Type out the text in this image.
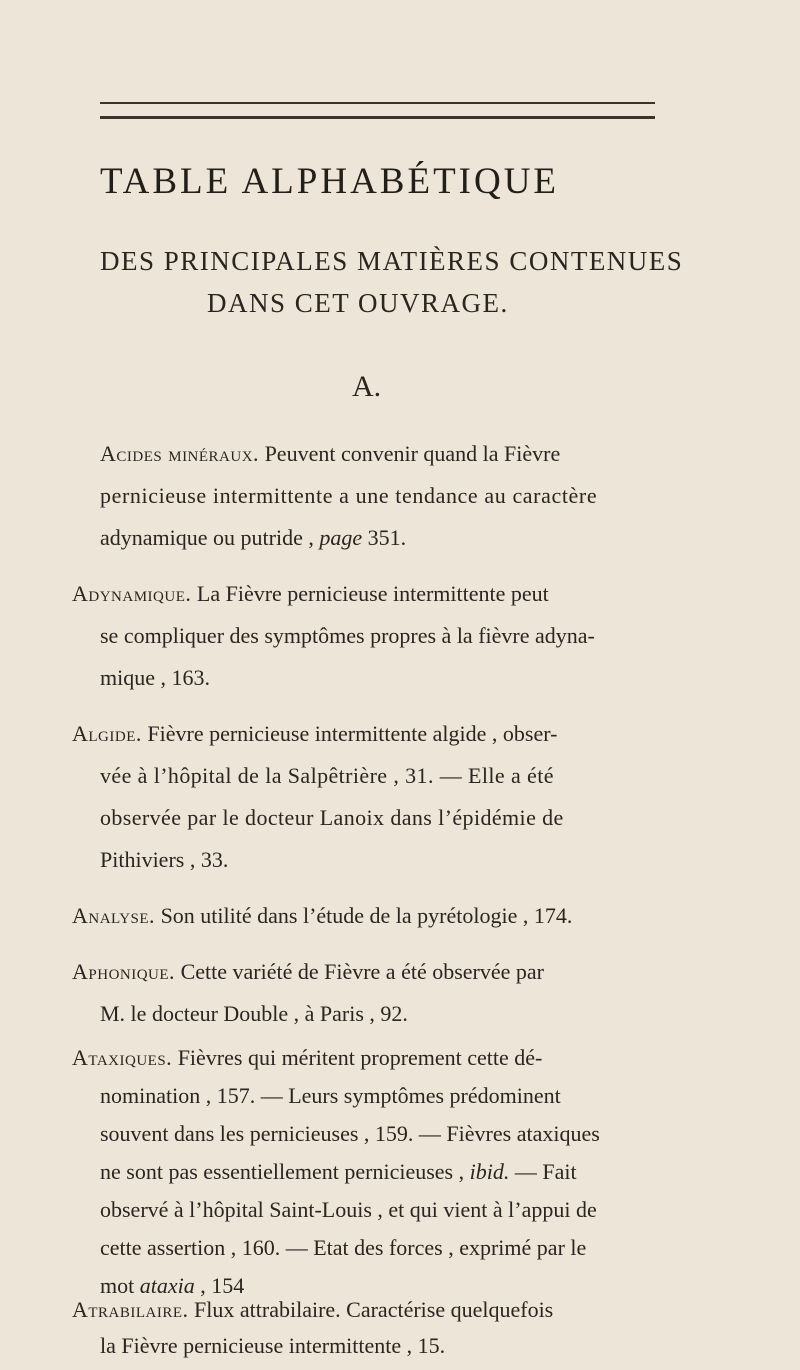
TABLE ALPHABÉTIQUE
DES PRINCIPALES MATIÈRES CONTENUES
DANS CET OUVRAGE.
A.
Acides minéraux. Peuvent convenir quand la Fièvre
pernicieuse intermittente a une tendance au caractère
adynamique ou putride , page 351.
Adynamique. La Fièvre pernicieuse intermittente peut
se compliquer des symptômes propres à la fièvre adyna-
mique , 163.
Algide. Fièvre pernicieuse intermittente algide , obser-
vée à l’hôpital de la Salpêtrière , 31. — Elle a été
observée par le docteur Lanoix dans l’épidémie de
Pithiviers , 33.
Analyse. Son utilité dans l’étude de la pyrétologie , 174.
Aphonique. Cette variété de Fièvre a été observée par
M. le docteur Double , à Paris , 92.
Ataxiques. Fièvres qui méritent proprement cette dé-
nomination , 157. — Leurs symptômes prédominent
souvent dans les pernicieuses , 159. — Fièvres ataxiques
ne sont pas essentiellement pernicieuses , ibid. — Fait
observé à l’hôpital Saint-Louis , et qui vient à l’appui de
cette assertion , 160. — Etat des forces , exprimé par le
mot ataxia , 154
Atrabilaire. Flux attrabilaire. Caractérise quelquefois
la Fièvre pernicieuse intermittente , 15.
